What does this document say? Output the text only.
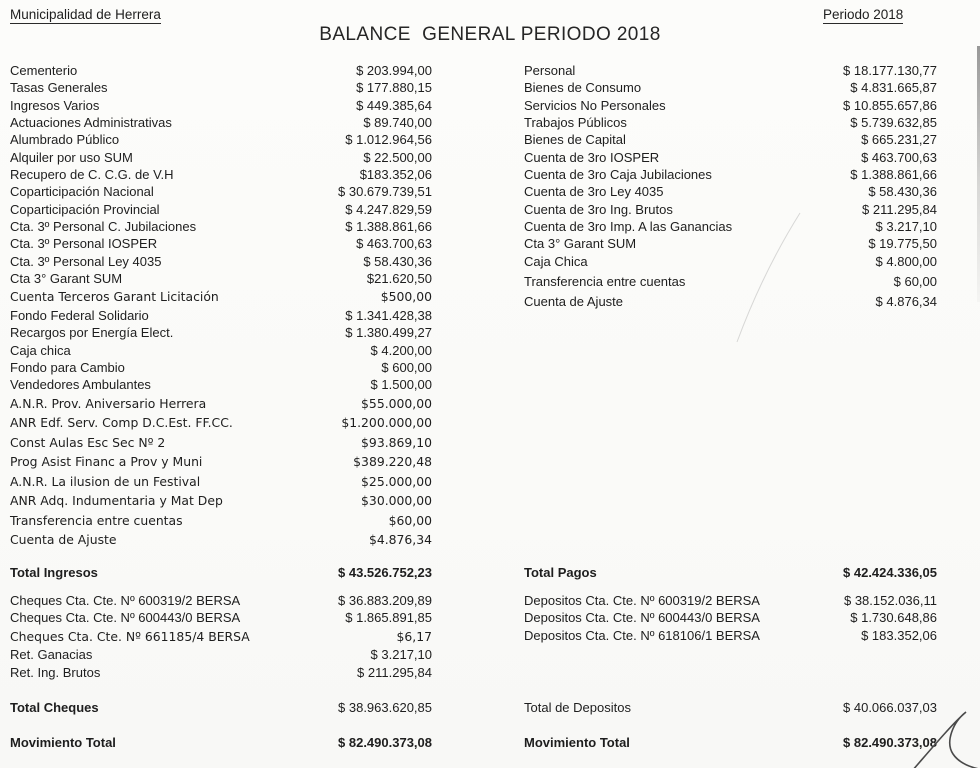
Municipalidad de Herrera	Periodo 2018
BALANCE  GENERAL PERIODO 2018
Cementerio	$ 203.994,00
Tasas Generales	$ 177.880,15
Ingresos Varios	$ 449.385,64
Actuaciones Administrativas	$ 89.740,00
Alumbrado Público	$ 1.012.964,56
Alquiler por uso SUM	$ 22.500,00
Recupero de C. C.G. de V.H	$183.352,06
Coparticipación Nacional	$ 30.679.739,51
Coparticipación Provincial	$ 4.247.829,59
Cta. 3º Personal C. Jubilaciones	$ 1.388.861,66
Cta. 3º Personal IOSPER	$ 463.700,63
Cta. 3º Personal Ley 4035	$ 58.430,36
Cta 3° Garant SUM	$21.620,50
Cuenta Terceros Garant Licitación	$500,00
Fondo Federal Solidario	$ 1.341.428,38
Recargos por Energía Elect.	$ 1.380.499,27
Caja chica	$ 4.200,00
Fondo para Cambio	$ 600,00
Vendedores Ambulantes	$ 1.500,00
A.N.R. Prov. Aniversario Herrera	$55.000,00
ANR Edf. Serv. Comp D.C.Est. FF.CC.	$1.200.000,00
Const Aulas Esc Sec Nº 2	$93.869,10
Prog Asist Financ a Prov y Muni	$389.220,48
A.N.R. La ilusion de un Festival	$25.000,00
ANR Adq. Indumentaria y Mat Dep	$30.000,00
Transferencia entre cuentas	$60,00
Cuenta de Ajuste	$4.876,34
Total Ingresos	$ 43.526.752,23
Cheques Cta. Cte. Nº 600319/2 BERSA	$ 36.883.209,89
Cheques Cta. Cte. Nº 600443/0 BERSA	$ 1.865.891,85
Cheques Cta. Cte. Nº 661185/4 BERSA	$6,17
Ret. Ganacias	$ 3.217,10
Ret. Ing. Brutos	$ 211.295,84
Total Cheques	$ 38.963.620,85
Movimiento Total	$ 82.490.373,08
Personal	$ 18.177.130,77
Bienes de Consumo	$ 4.831.665,87
Servicios No Personales	$ 10.855.657,86
Trabajos Públicos	$ 5.739.632,85
Bienes de Capital	$ 665.231,27
Cuenta de 3ro IOSPER	$ 463.700,63
Cuenta de 3ro Caja Jubilaciones	$ 1.388.861,66
Cuenta de 3ro Ley 4035	$ 58.430,36
Cuenta de 3ro Ing. Brutos	$ 211.295,84
Cuenta de 3ro Imp. A las Ganancias	$ 3.217,10
Cta 3° Garant SUM	$ 19.775,50
Caja Chica	$ 4.800,00
Transferencia entre cuentas	$ 60,00
Cuenta de Ajuste	$ 4.876,34
Total Pagos	$ 42.424.336,05
Depositos Cta. Cte. Nº 600319/2 BERSA	$ 38.152.036,11
Depositos Cta. Cte. Nº 600443/0 BERSA	$ 1.730.648,86
Depositos Cta. Cte. Nº 618106/1 BERSA	$ 183.352,06
Total de Depositos	$ 40.066.037,03
Movimiento Total	$ 82.490.373,08
